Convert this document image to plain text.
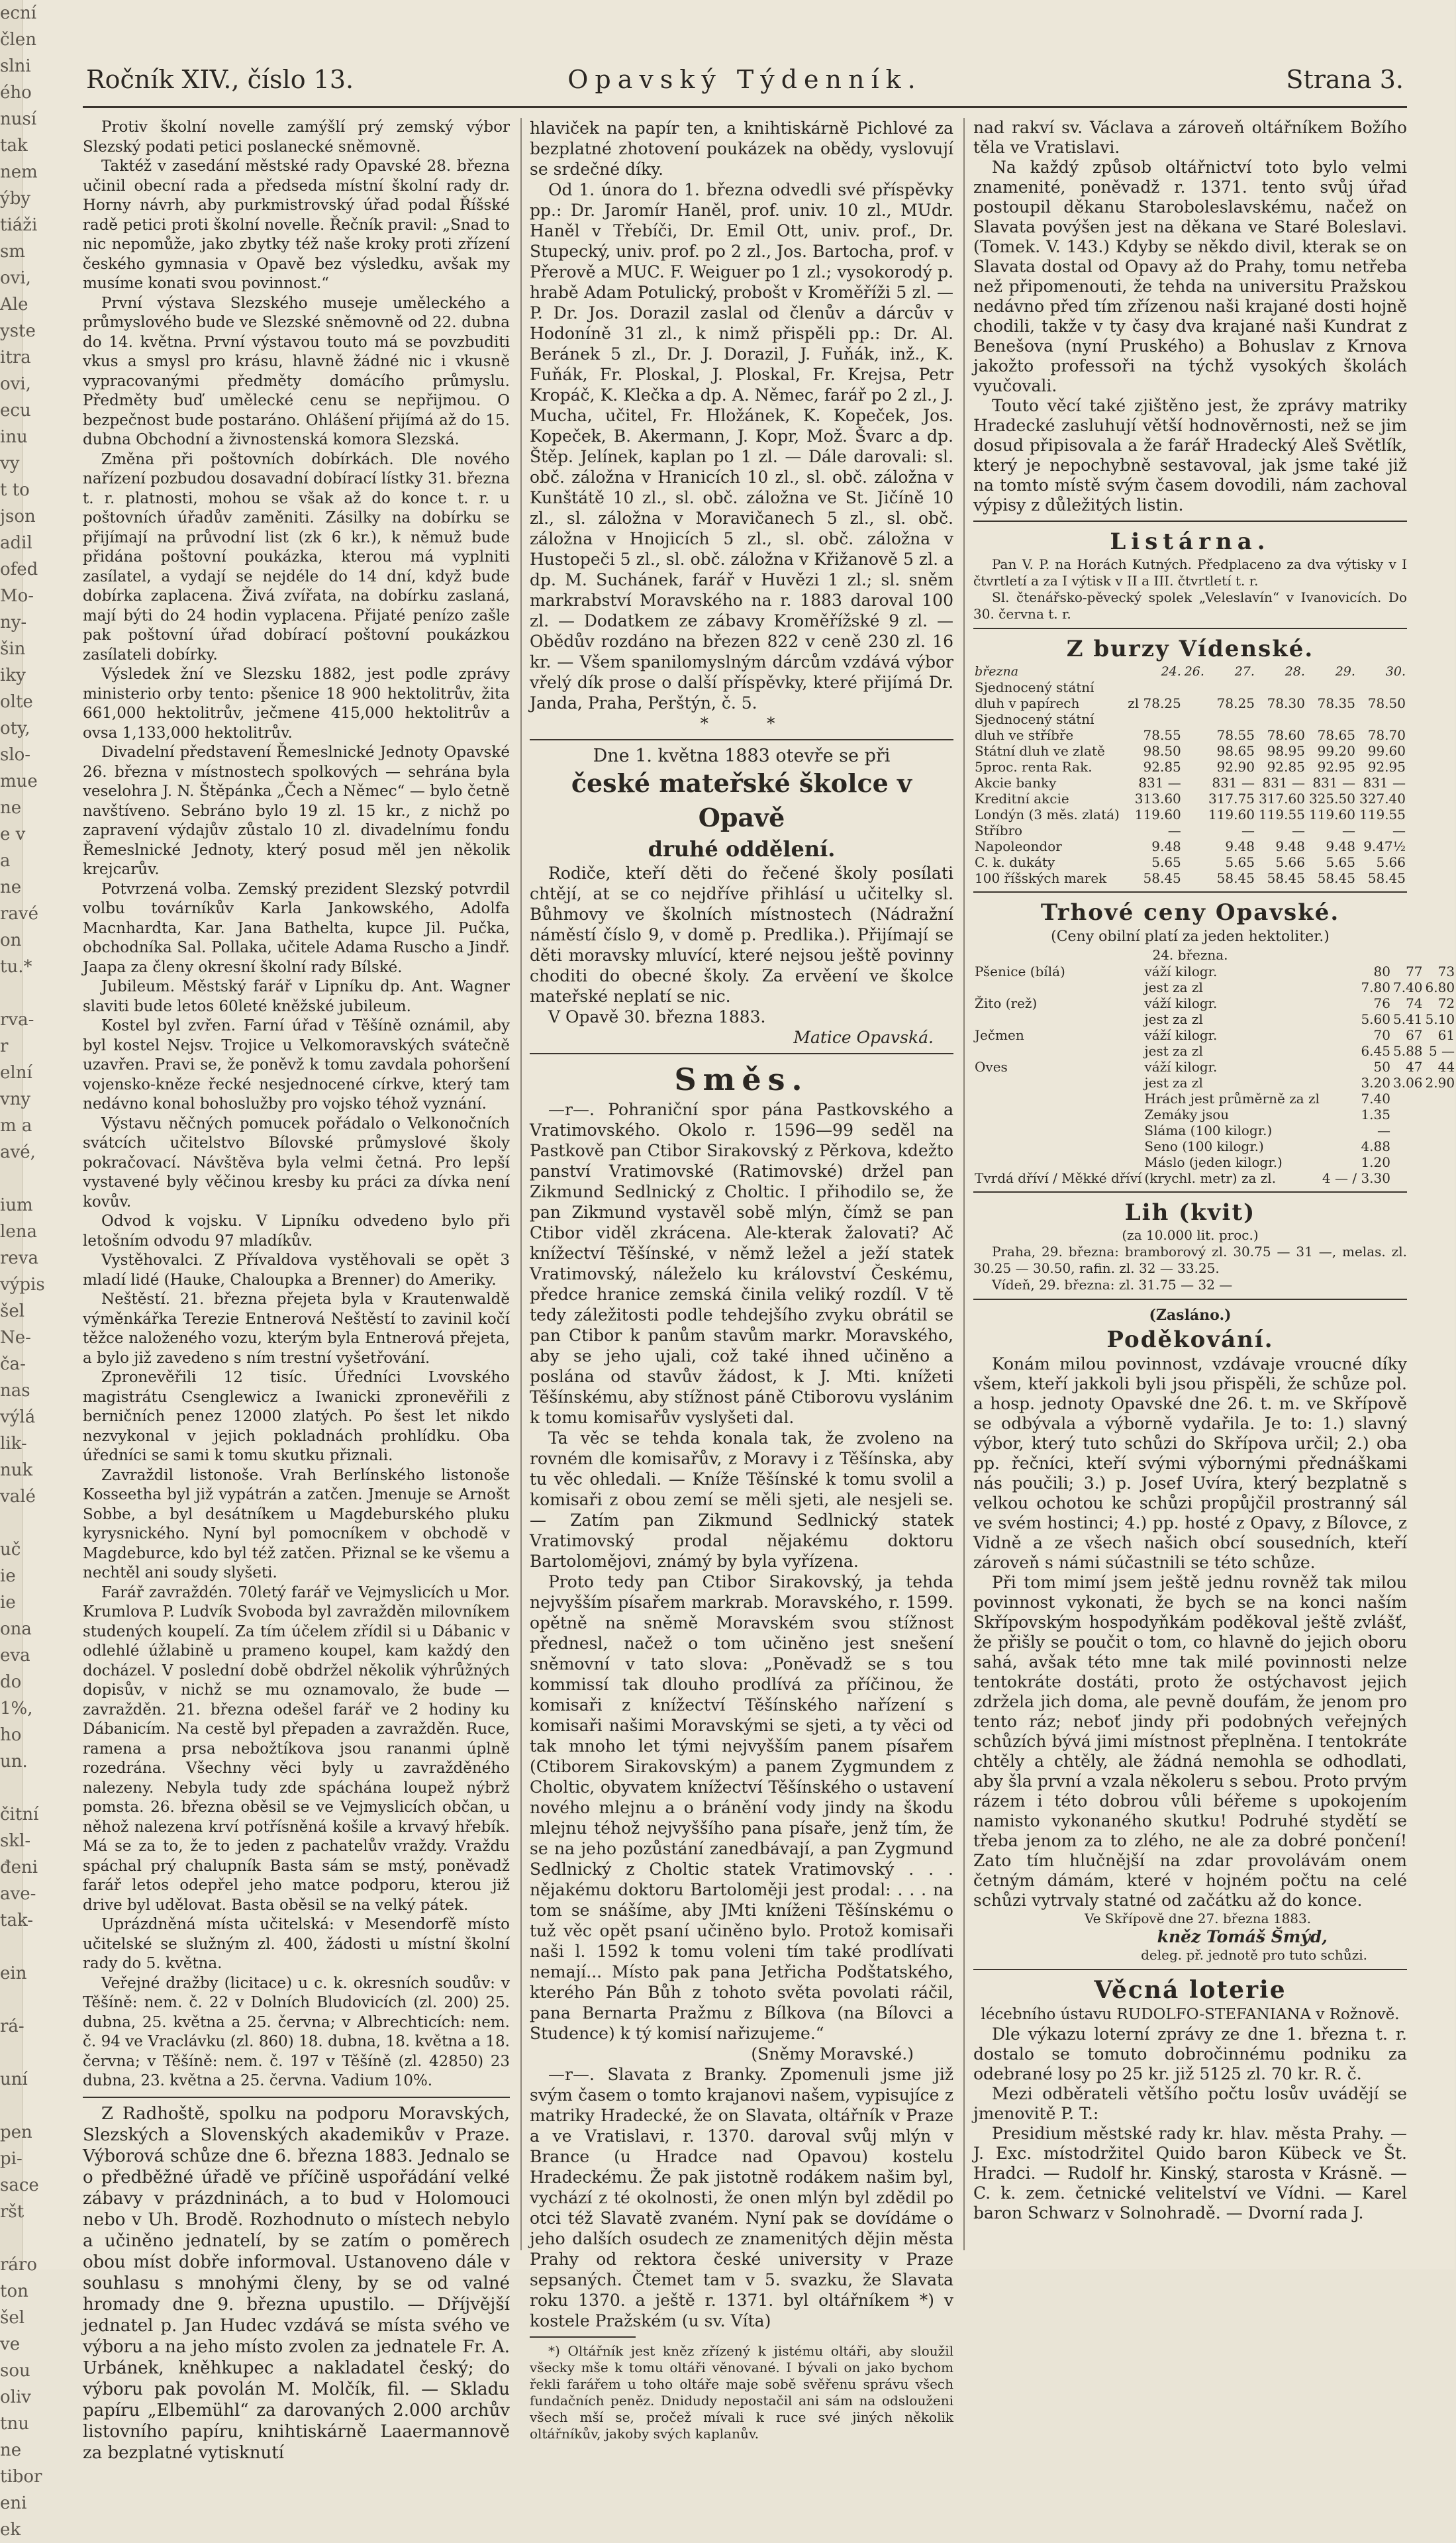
ecní
člen
slni
ého
nusí
tak
nem
ýby
tiáži
sm
ovi,
Ale
yste
itra
ovi,
ecu
inu
vy
t to
json
adil
ofed
Mo-
ny-
šin
iky
olte
oty,
slo-
mue
ne
e v
a
ne
ravé
on
tu.*

rva-
r
elní
vny
m a
avé,

ium
lena
reva
výpis
šel
Ne-
ča-
nas
výlá
lik-
nuk
valé

uč
ie
ie
ona
eva
do
1%,
ho
un.

čitní
skl-
đeni
ave-
tak-

ein

rá-

uní

pen
pi-
sace
ršt

ráro
ton
šel
ve
sou
oliv
tnu
ne
tibor
eni
ek
Ročník XIV., číslo 13.	Opavský Týdenník.	Strana 3.

Protiv školní novelle zamýšlí prý zemský výbor Slezský podati petici poslanecké sněmovně.

Taktéž v zasedání městské rady Opavské 28. března učinil obecní rada a předseda místní školní rady dr. Horny návrh, aby purkmistrovský úřad podal Říšské radě petici proti školní novelle. Řečník pravil: „Snad to nic nepomůže, jako zbytky též naše kroky proti zřízení českého gymnasia v Opavě bez výsledku, avšak my musíme konati svou povinnost.“

První výstava Slezského museje uměleckého a průmyslového bude ve Slezské sněmovně od 22. dubna do 14. května. První výstavou touto má se povzbuditi vkus a smysl pro krásu, hlavně žádné nic i vkusně vypracovanými předměty domácího průmyslu. Předměty buď umělecké cenu se nepřijmou. O bezpečnost bude postaráno. Ohlášení přijímá až do 15. dubna Obchodní a živnostenská komora Slezská.

Změna při poštovních dobírkách. Dle nového nařízení pozbudou dosavadní dobírací lístky 31. března t. r. platnosti, mohou se však až do konce t. r. u poštovních úřadův zaměniti. Zásilky na dobírku se přijímají na průvodní list (zk 6 kr.), k němuž bude přidána poštovní poukázka, kterou má vyplniti zasílatel, a vydají se nejdéle do 14 dní, když bude dobírka zaplacena. Živá zvířata, na dobírku zaslaná, mají býti do 24 hodin vyplacena. Přijaté penízo zašle pak poštovní úřad dobírací poštovní poukázkou zasílateli dobírky.

Výsledek žní ve Slezsku 1882, jest podle zprávy ministerio orby tento: pšenice 18 900 hektolitrův, žita 661,000 hektolitrův, ječmene 415,000 hektolitrův a ovsa 1,133,000 hektolitrův.

Divadelní představení Řemeslnické Jednoty Opavské 26. března v místnostech spolkových — sehrána byla veselohra J. N. Štěpánka „Čech a Němec“ — bylo četně navštíveno. Sebráno bylo 19 zl. 15 kr., z nichž po zapravení výdajův zůstalo 10 zl. divadelnímu fondu Řemeslnické Jednoty, který posud měl jen několik krejcarův.

Potvrzená volba. Zemský prezident Slezský potvrdil volbu továrníkův Karla Jankowského, Adolfa Macnhardta, Kar. Jana Bathelta, kupce Jil. Pučka, obchodníka Sal. Pollaka, učitele Adama Ruscho a Jindř. Jaapa za členy okresní školní rady Bílské.

Jubileum. Městský farář v Lipníku dp. Ant. Wagner slaviti bude letos 60leté kněžské jubileum.

Kostel byl zvřen. Farní úřad v Těšíně oznámil, aby byl kostel Nejsv. Trojice u Velkomoravských svátečně uzavřen. Pravi se, že poněvž k tomu zavdala pohoršení vojensko-kněze řecké nesjednocené církve, který tam nedávno konal bohoslužby pro vojsko téhož vyznání.

Výstavu něčných pomucek pořádalo o Velkonočních svátcích učitelstvo Bílovské průmyslové školy pokračovací. Návštěva byla velmi četná. Pro lepší vystavené byly věčinou kresby ku práci za dívka není kovův.

Odvod k vojsku. V Lipníku odvedeno bylo při letošním odvodu 97 mladíkův.

Vystěhovalci. Z Přívaldova vystěhovali se opět 3 mladí lidé (Hauke, Chaloupka a Brenner) do Ameriky.

Neštěstí. 21. března přejeta byla v Krautenwaldě výměnkářka Terezie Entnerová Neštěstí to zavinil kočí těžce naloženého vozu, kterým byla Entnerová přejeta, a bylo již zavedeno s ním trestní vyšetřování.

Zpronevěřili 12 tisíc. Úředníci Lvovského magistrátu Csenglewicz a Iwanicki zpronevěřili z berničních penez 12000 zlatých. Po šest let nikdo nezvykonal v jejich pokladnách prohlídku. Oba úředníci se sami k tomu skutku přiznali.

Zavraždil listonoše. Vrah Berlínského listonoše Kosseetha byl již vypátrán a zatčen. Jmenuje se Arnošt Sobbe, a byl desátníkem u Magdeburského pluku kyrysnického. Nyní byl pomocníkem v obchodě v Magdeburce, kdo byl též zatčen. Přiznal se ke všemu a nechtěl ani soudy slyšeti.

Farář zavraždén. 70letý farář ve Vejmyslicích u Mor. Krumlova P. Ludvík Svoboda byl zavražděn milovníkem studených koupelí. Za tím účelem zřídil si u Dábanic v odlehlé úžlabině u prameno koupel, kam každý den docházel. V poslední době obdržel několik výhrůžných dopisův, v nichž se mu oznamovalo, že bude — zavražděn. 21. března odešel farář ve 2 hodiny ku Dábanicím. Na cestě byl přepaden a zavražděn. Ruce, ramena a prsa nebožtíkova jsou rananmi úplně rozedrána. Všechny věci byly u zavražděného nalezeny. Nebyla tudy zde spáchána loupež nýbrž pomsta. 26. března oběsil se ve Vejmyslicích občan, u něhož nalezena krví potřísněná košile a krvavý hřebík. Má se za to, že to jeden z pachatelův vraždy. Vraždu spáchal prý chalupník Basta sám se mstý, poněvadž farář letos odepřel jeho matce podporu, kterou již drive byl udělovat. Basta oběsil se na velký pátek.

Uprázdněná místa učitelská: v Mesendorfě místo učitelské se služným zl. 400, žádosti u místní školní rady do 5. května.

Veřejné dražby (licitace) u c. k. okresních soudův: v Těšíně: nem. č. 22 v Dolních Bludovicích (zl. 200) 25. dubna, 25. května a 25. června; v Albrechticích: nem. č. 94 ve Vraclávku (zl. 860) 18. dubna, 18. května a 18. června; v Těšíně: nem. č. 197 v Těšíně (zl. 42850) 23 dubna, 23. května a 25. června. Vadium 10%.

Z Radhoště, spolku na podporu Moravských, Slezských a Slovenských akademikův v Praze. Výborová schůze dne 6. března 1883. Jednalo se o předběžné úřadě ve příčině uspořádání velké zábavy v prázdninách, a to bud v Holomouci nebo v Uh. Brodě. Rozhodnuto o místech nebylo a učiněno jednatelí, by se zatím o poměrech obou míst dobře informoval. Ustanoveno dále v souhlasu s mnohými členy, by se od valné hromady dne 9. března upustilo. — Dříjvější jednatel p. Jan Hudec vzdává se místa svého ve výboru a na jeho místo zvolen za jednatele Fr. A. Urbánek, kněhkupec a nakladatel český; do výboru pak povolán M. Molčík, fil. — Skladu papíru „Elbemühl“ za darovaných 2.000 archův listovního papíru, knihtiskárně Laaermannově za bezplatné vytisknutí

hlaviček na papír ten, a knihtiskárně Pichlové za bezplatné zhotovení poukázek na obědy, vyslovují se srdečné díky.

Od 1. února do 1. března odvedli své příspěvky pp.: Dr. Jaromír Haněl, prof. univ. 10 zl., MUdr. Haněl v Třebíči, Dr. Emil Ott, univ. prof., Dr. Stupecký, univ. prof. po 2 zl., Jos. Bartocha, prof. v Přerově a MUC. F. Weiguer po 1 zl.; vysokorodý p. hrabě Adam Potulický, probošt v Kroměříži 5 zl. — P. Dr. Jos. Dorazil zaslal od členův a dárcův v Hodoníně 31 zl., k nimž přispěli pp.: Dr. Al. Beránek 5 zl., Dr. J. Dorazil, J. Fuňák, inž., K. Fuňák, Fr. Ploskal, J. Ploskal, Fr. Krejsa, Petr Kropáč, K. Klečka a dp. A. Němec, farář po 2 zl., J. Mucha, učitel, Fr. Hložánek, K. Kopeček, Jos. Kopeček, B. Akermann, J. Kopr, Mož. Švarc a dp. Štěp. Jelínek, kaplan po 1 zl. — Dále darovali: sl. obč. záložna v Hranicích 10 zl., sl. obč. záložna v Kunštátě 10 zl., sl. obč. záložna ve St. Jičíně 10 zl., sl. záložna v Moravičanech 5 zl., sl. obč. záložna v Hnojicích 5 zl., sl. obč. záložna v Hustopeči 5 zl., sl. obč. záložna v Křižanově 5 zl. a dp. M. Suchánek, farář v Huvězi 1 zl.; sl. sněm markrabství Moravského na r. 1883 daroval 100 zl. — Dodatkem ze zábavy Kroměřížské 9 zl. — Obědův rozdáno na březen 822 v ceně 230 zl. 16 kr. — Všem spanilomyslným dárcům vzdává výbor vřelý dík prose o další příspěvky, které přijímá Dr. Janda, Praha, Perštýn, č. 5.

* *

Dne 1. května 1883 otevře se při

české mateřské školce v Opavě

druhé oddělení.

Rodiče, kteří děti do řečené školy posílati chtějí, at se co nejdříve přihlásí u učitelky sl. Bůhmovy ve školních místnostech (Nádražní náměstí číslo 9, v domě p. Predlika.). Přijímají se děti moravsky mluvící, které nejsou ještě povinny choditi do obecné školy. Za ervěení ve školce mateřské neplatí se nic.

V Opavě 30. března 1883.

Matice Opavská.

Směs.

—r—. Pohraniční spor pána Pastkovského a Vratimovského. Okolo r. 1596—99 seděl na Pastkově pan Ctibor Sirakovský z Pěrkova, kdežto panství Vratimovské (Ratimovské) držel pan Zikmund Sedlnický z Choltic. I přihodilo se, že pan Zikmund vystavěl sobě mlýn, čímž se pan Ctibor viděl zkrácena. Ale-kterak žalovati? Ač knížectví Těšínské, v němž ležel a ježí statek Vratimovský, náleželo ku království Českému, předce hranice zemská činila veliký rozdíl. V tě tedy záležitosti podle tehdejšího zvyku obrátil se pan Ctibor k panům stavům markr. Moravského, aby se jeho ujali, což také ihned učiněno a poslána od stavův žádost, k J. Mti. knížeti Těšínskému, aby stížnost páně Ctiborovu vyslánim k tomu komisařův vyslyšeti dal.

Ta věc se tehda konala tak, že zvoleno na rovném dle komisařův, z Moravy i z Těšínska, aby tu věc ohledali. — Kníže Těšínské k tomu svolil a komisaři z obou zemí se měli sjeti, ale nesjeli se. — Zatím pan Zikmund Sedlnický statek Vratimovský prodal nějakému doktoru Bartolomějovi, známý by byla vyřízena.

Proto tedy pan Ctibor Sirakovský, ja tehda nejvyšším písařem markrab. Moravského, r. 1599. opětně na sněmě Moravském svou stížnost přednesl, načež o tom učiněno jest snešení sněmovní v tato slova: „Poněvadž se s tou kommissí tak dlouho prodlívá za příčinou, že komisaři z knížectví Těšínského nařízení s komisaři našimi Moravskými se sjeti, a ty věci od tak mnoho let tými nejvyšším panem písařem (Ctiborem Sirakovským) a panem Zygmundem z Choltic, obyvatem knížectví Těšínského o ustavení nového mlejnu a o bránění vody jindy na škodu mlejnu téhož nejvyššího pana písaře, jenž tím, že se na jeho pozůstání zanedbávají, a pan Zygmund Sedlnický z Choltic statek Vratimovský . . . nějakému doktoru Bartoloměji jest prodal: . . . na tom se snášíme, aby JMti kníženi Těšínskému o tuž věc opět psaní učiněno bylo. Protož komisaři naši l. 1592 k tomu voleni tím také prodlívati nemají... Místo pak pana Jetřicha Podštatského, kterého Pán Bůh z tohoto světa povolati ráčil, pana Bernarta Pražmu z Bílkova (na Bílovci a Studence) k tý komisí nařizujeme.“

(Sněmy Moravské.)

—r—. Slavata z Branky. Zpomenuli jsme již svým časem o tomto krajanovi našem, vypisujíce z matriky Hradecké, že on Slavata, oltářník v Praze a ve Vratislavi, r. 1370. daroval svůj mlýn v Brance (u Hradce nad Opavou) kostelu Hradeckému. Že pak jistotně rodákem našim byl, vychází z té okolnosti, že onen mlýn byl zdědil po otci též Slavatě zvaném. Nyní pak se dovídáme o jeho dalších osudech ze znamenitých dějin města Prahy od rektora české university v Praze sepsaných. Čtemet tam v 5. svazku, že Slavata roku 1370. a ještě r. 1371. byl oltářníkem *) v kostele Pražském (u sv. Víta)

*) Oltářník jest kněz zřízený k jistému oltáři, aby sloužil všecky mše k tomu oltáři věnované. I bývali on jako bychom řekli farářem u toho oltáře maje sobě svěřenu správu všech fundačních peněz. Dnidudy nepostačil ani sám na odslouženi všech mší se, pročež mívali k ruce své jiných několik oltářníkův, jakoby svých kaplanův.

nad rakví sv. Václava a zároveň oltářníkem Božího těla ve Vratislavi.

Na každý způsob oltářnictví toto bylo velmi znamenité, poněvadž r. 1371. tento svůj úřad postoupil děkanu Staroboleslavskému, načež on Slavata povýšen jest na děkana ve Staré Boleslavi. (Tomek. V. 143.) Kdyby se někdo divil, kterak se on Slavata dostal od Opavy až do Prahy, tomu netřeba než připomenouti, že tehda na universitu Pražskou nedávno před tím zřízenou naši krajané dosti hojně chodili, takže v ty časy dva krajané naši Kundrat z Benešova (nyní Pruského) a Bohuslav z Krnova jakožto professoři na týchž vysokých školách vyučovali.

Touto věcí také zjištěno jest, že zprávy matriky Hradecké zasluhují větší hodnověrnosti, než se jim dosud připisovala a že farář Hradecký Aleš Světlík, který je nepochybně sestavoval, jak jsme také již na tomto místě svým časem dovodili, nám zachoval výpisy z důležitých listin.

Listárna.

Pan V. P. na Horách Kutných. Předplaceno za dva výtisky v I čtvrtletí a za I výtisk v II a III. čtvrtletí t. r.

Sl. čtenářsko-pěvecký spolek „Veleslavín“ v Ivanovicích. Do 30. června t. r.

Z burzy Vídenské.

března	24.	26.	27.	28.	29.	30.
Sjednocený státní						
dluh v papírech	zl 78.25		78.25	78.30	78.35	78.50
Sjednocený státní						
dluh ve stříbře	78.55		78.55	78.60	78.65	78.70
Státní dluh ve zlatě	98.50		98.65	98.95	99.20	99.60
5proc. renta Rak.	92.85		92.90	92.85	92.95	92.95
Akcie banky	831 —		831 —	831 —	831 —	831 —
Kreditní akcie	313.60		317.75	317.60	325.50	327.40
Londýn (3 měs. zlatá)	119.60		119.60	119.55	119.60	119.55
Stříbro	—		—	—	—	—
Napoleondor	9.48		9.48	9.48	9.48	9.47½
C. k. dukáty	5.65		5.65	5.66	5.65	5.66
100 říšských marek	58.45		58.45	58.45	58.45	58.45

Trhové ceny Opavské.

(Ceny obilní platí za jeden hektoliter.)

24. března.

Pšenice (bílá)	váží kilogr.	80	77	73
	jest za zl	7.80	7.40	6.80
Žito (rež)	váží kilogr.	76	74	72
	jest za zl	5.60	5.41	5.10
Ječmen	váží kilogr.	70	67	61
	jest za zl	6.45	5.88	5 —
Oves	váží kilogr.	50	47	44
	jest za zl	3.20	3.06	2.90
	Hrách jest průměrně za zl	7.40		
	Zemáky jsou	1.35		
	Sláma (100 kilogr.)	—		
	Seno (100 kilogr.)	4.88		
	Máslo (jeden kilogr.)	1.20		
Tvrdá dříví / Měkké dříví	(krychl. metr) za zl.	4 — / 3.30		

Lih (kvit)

(za 10.000 lit. proc.)

Praha, 29. března: bramborový zl. 30.75 — 31 —, melas. zl. 30.25 — 30.50, rafin. zl. 32 — 33.25.

Vídeň, 29. března: zl. 31.75 — 32 —

(Zasláno.)

Poděkování.

Konám milou povinnost, vzdávaje vroucné díky všem, kteří jakkoli byli jsou přispěli, že schůze pol. a hosp. jednoty Opavské dne 26. t. m. ve Skřípově se odbývala a výborně vydařila. Je to: 1.) slavný výbor, který tuto schůzi do Skřípova určil; 2.) oba pp. řečníci, kteří svými výbornými přednáškami nás poučili; 3.) p. Josef Uvíra, který bezplatně s velkou ochotou ke schůzi propůjčil prostranný sál ve svém hostinci; 4.) pp. hosté z Opavy, z Bílovce, z Vidně a ze všech našich obcí sousedních, kteří zároveň s námi súčastnili se této schůze.

Při tom mimí jsem ještě jednu rovněž tak milou povinnost vykonati, že bych se na konci naším Skřípovským hospodyňkám poděkoval ještě zvlášť, že přišly se poučit o tom, co hlavně do jejich oboru sahá, avšak této mne tak milé povinnosti nelze tentokráte dostáti, proto že ostýchavost jejich zdržela jich doma, ale pevně doufám, že jenom pro tento ráz; neboť jindy při podobných veřejných schůzích bývá jimi místnost přeplněna. I tentokráte chtěly a chtěly, ale žádná nemohla se odhodlati, aby šla první a vzala několeru s sebou. Proto prvým rázem i této dobrou vůli béřeme s upokojením namisto vykonaného skutku! Podruhé stydětí se třeba jenom za to zlého, ne ale za dobré pončení! Zato tím hlučnější na zdar provolávám onem četným dámám, které v hojném počtu na celé schůzi vytrvaly statné od začátku až do konce.

Ve Skřípově dne 27. března 1883.

kněz Tomáš Šmýd,

deleg. př. jednotě pro tuto schůzi.

Věcná loterie

lécebního ústavu RUDOLFO-STEFANIANA v Rožnově.

Dle výkazu loterní zprávy ze dne 1. března t. r. dostalo se tomuto dobročinnému podniku za odebrané losy po 25 kr. již 5125 zl. 70 kr. R. č.

Mezi odběrateli většího počtu losův uvádějí se jmenovitě P. T.:

Presidium městské rady kr. hlav. města Prahy. — J. Exc. místodržitel Quido baron Kübeck ve Št. Hradci. — Rudolf hr. Kinský, starosta v Krásně. — C. k. zem. četnické velitelství ve Vídni. — Karel baron Schwarz v Solnohradě. — Dvorní rada J.
